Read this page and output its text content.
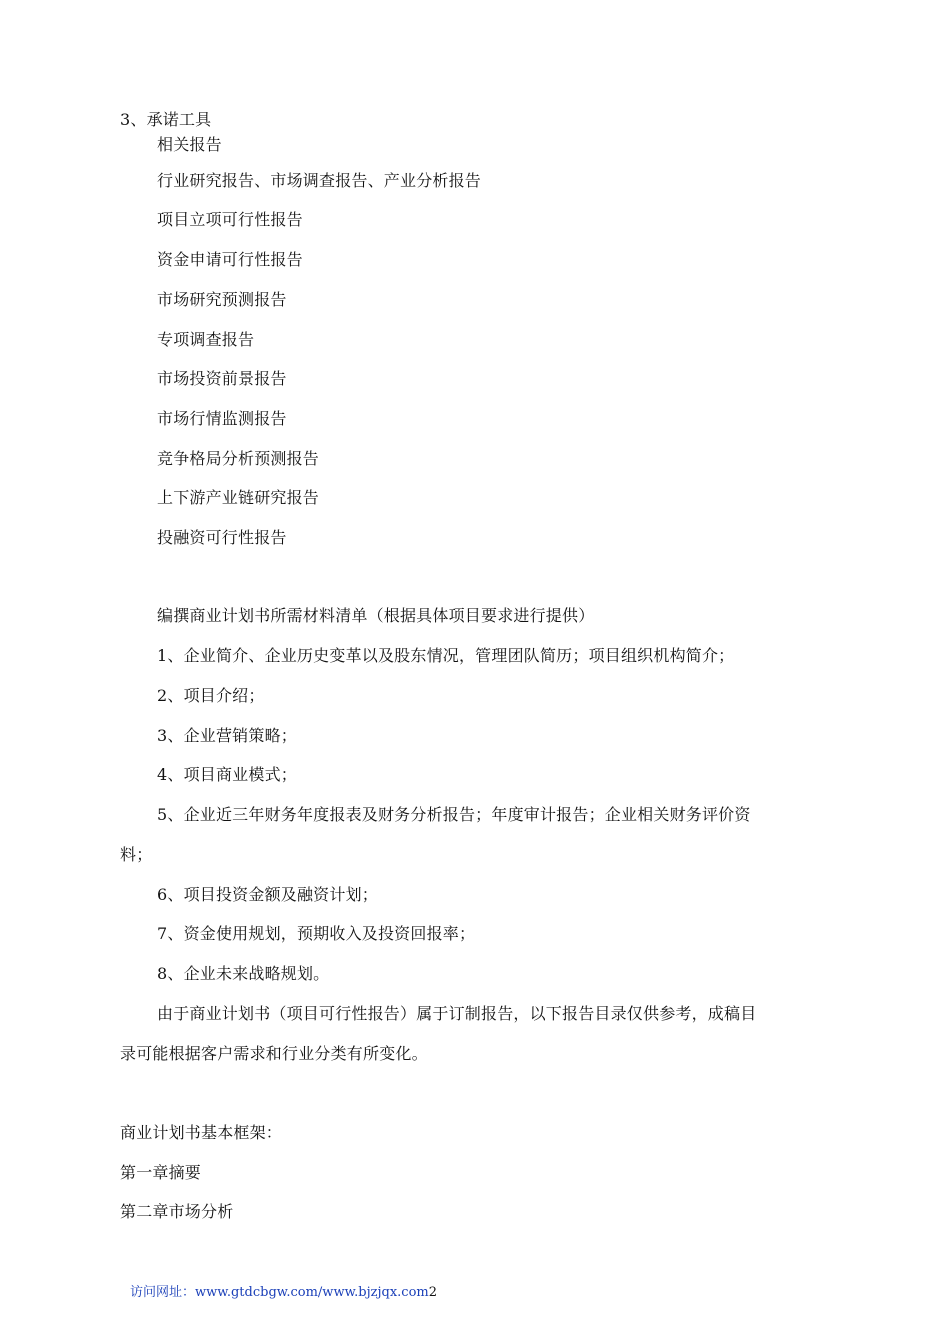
3、承诺工具
相关报告
行业研究报告、市场调查报告、产业分析报告
项目立项可行性报告
资金申请可行性报告
市场研究预测报告
专项调查报告
市场投资前景报告
市场行情监测报告
竞争格局分析预测报告
上下游产业链研究报告
投融资可行性报告
编撰商业计划书所需材料清单（根据具体项目要求进行提供）
1、企业简介、企业历史变革以及股东情况，管理团队简历；项目组织机构简介；
2、项目介绍；
3、企业营销策略；
4、项目商业模式；
5、企业近三年财务年度报表及财务分析报告；年度审计报告；企业相关财务评价资
料；
6、项目投资金额及融资计划；
7、资金使用规划，预期收入及投资回报率；
8、企业未来战略规划。
由于商业计划书（项目可行性报告）属于订制报告，以下报告目录仅供参考，成稿目
录可能根据客户需求和行业分类有所变化。
商业计划书基本框架：
第一章摘要
第二章市场分析
访问网址：www.gtdcbgw.com/www.bjzjqx.com2
